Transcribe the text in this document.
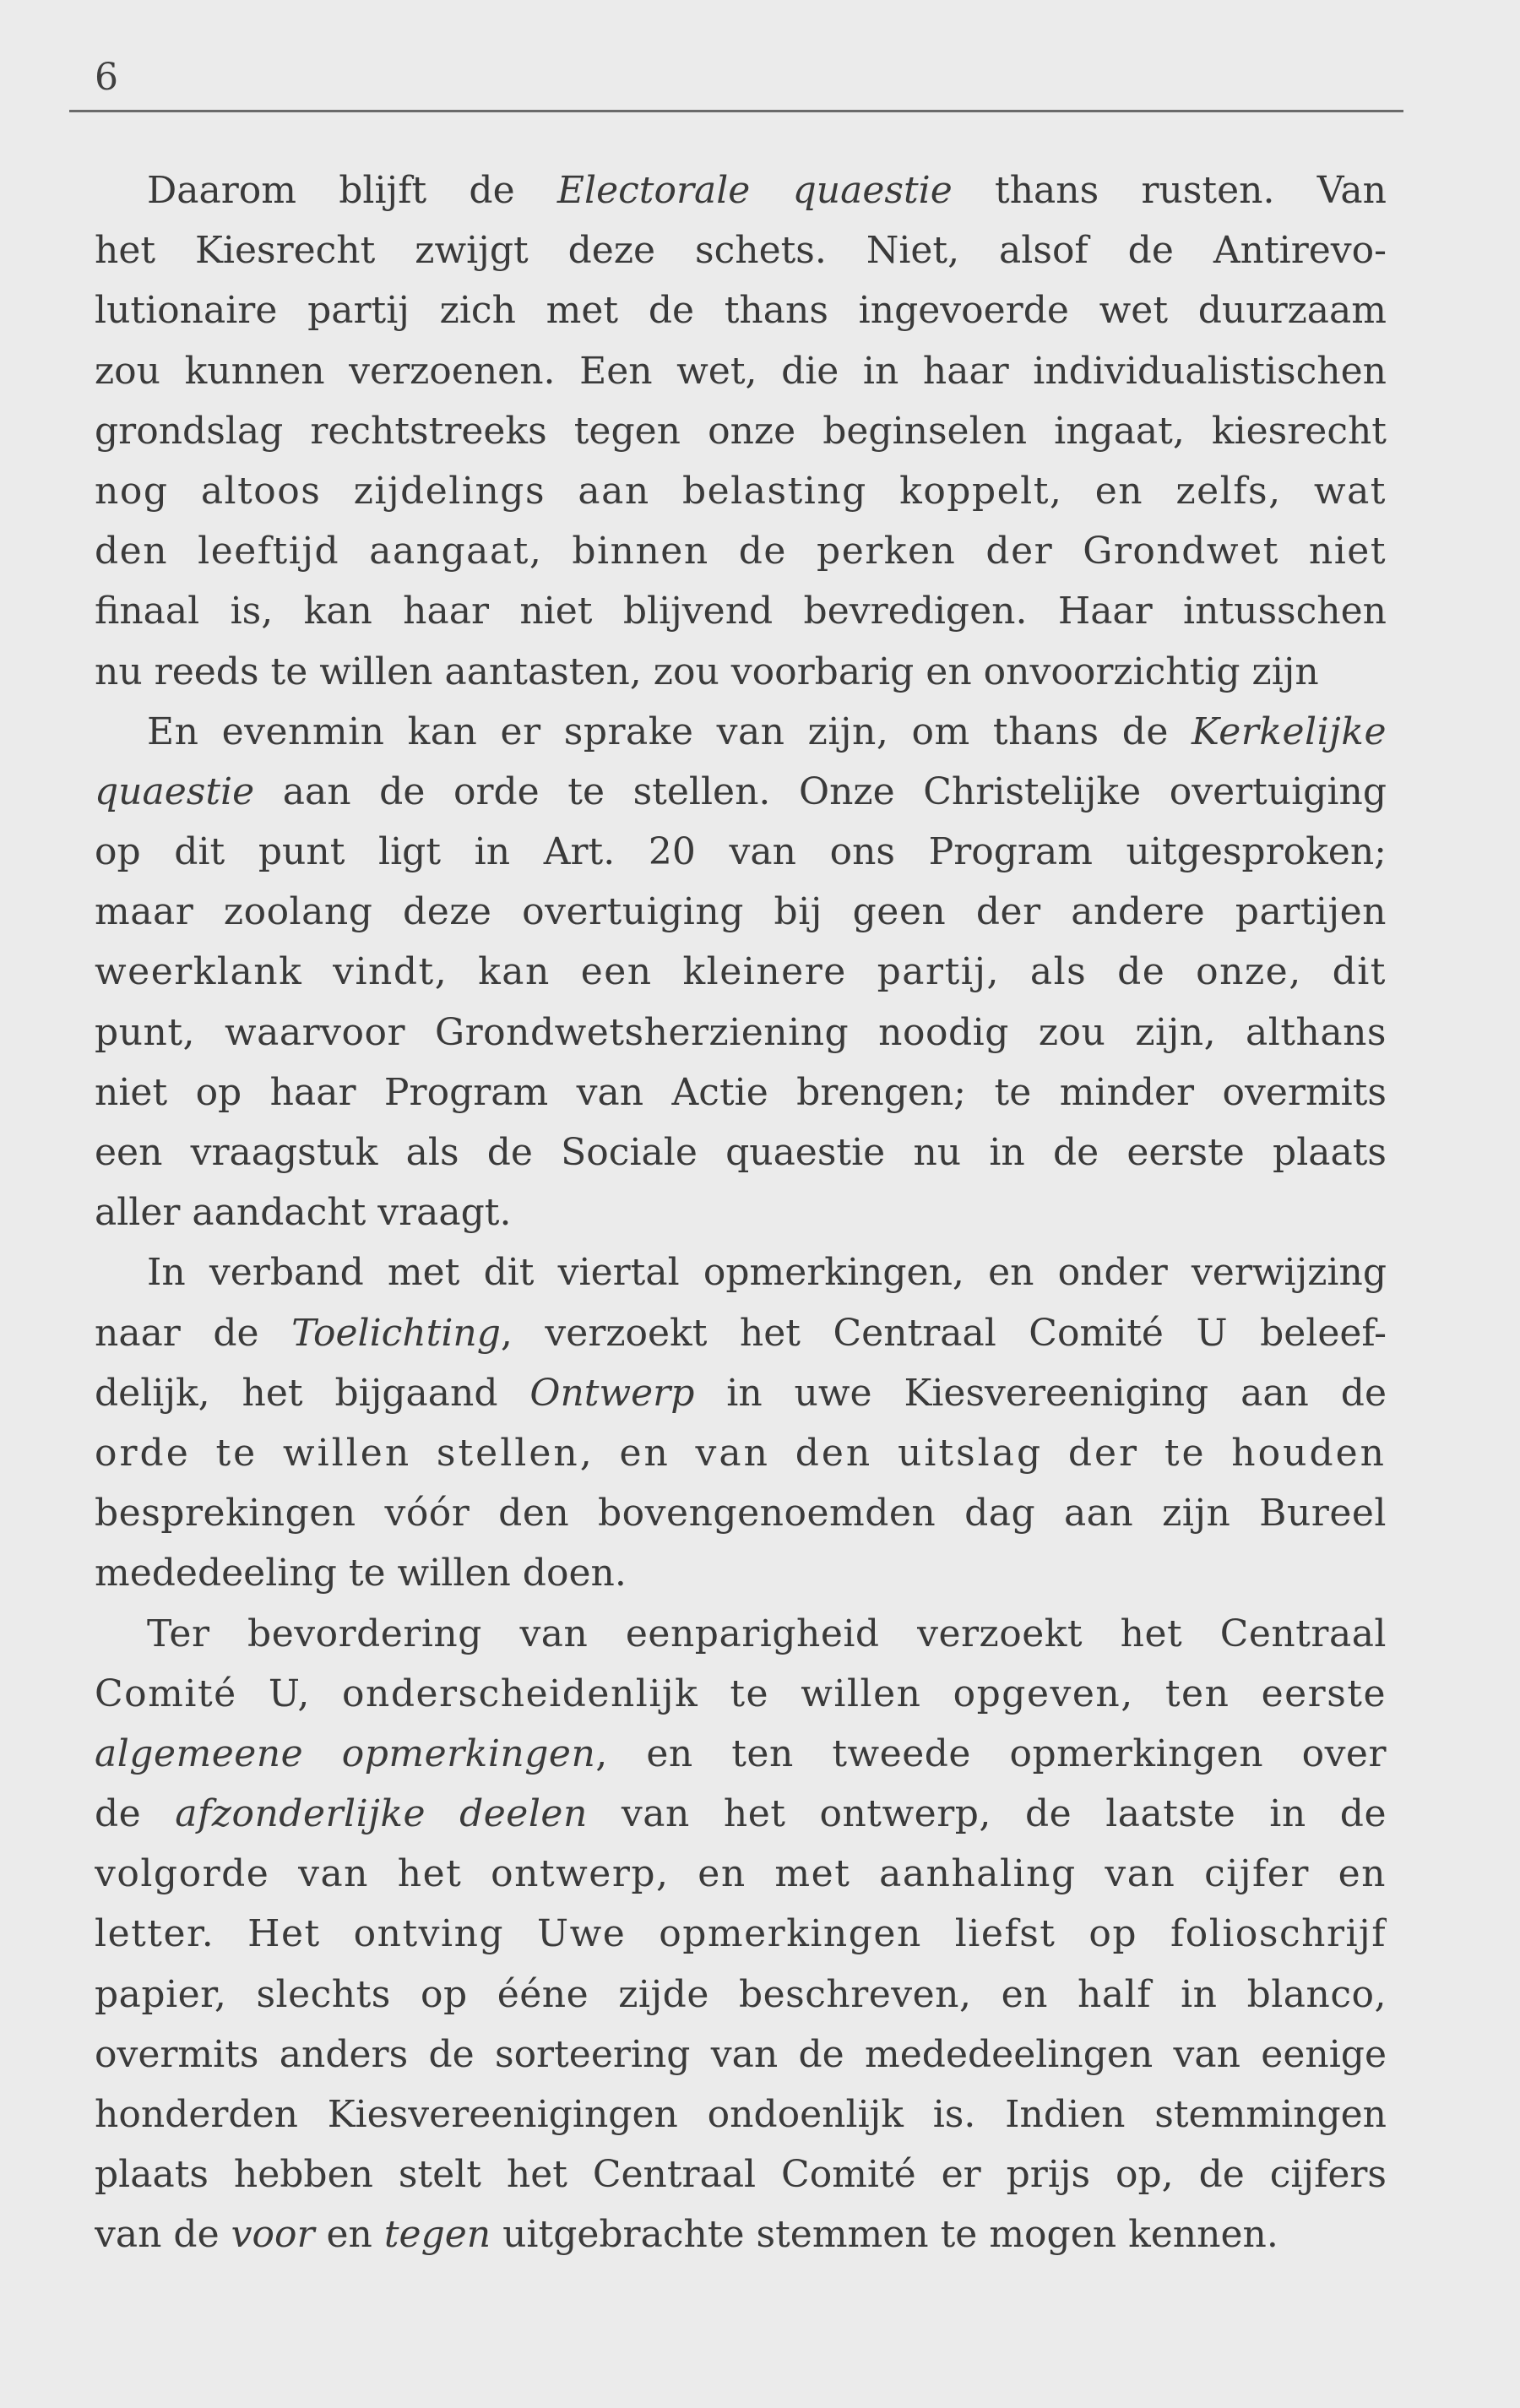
6
Daarom blijft de Electorale quaestie thans rusten. Van
het Kiesrecht zwijgt deze schets. Niet, alsof de Antirevo-
lutionaire partij zich met de thans ingevoerde wet duurzaam
zou kunnen verzoenen. Een wet, die in haar individualistischen
grondslag rechtstreeks tegen onze beginselen ingaat, kiesrecht
nog altoos zijdelings aan belasting koppelt, en zelfs, wat
den leeftijd aangaat, binnen de perken der Grondwet niet
finaal is, kan haar niet blijvend bevredigen. Haar intusschen
nu reeds te willen aantasten, zou voorbarig en onvoorzichtig zijn
En evenmin kan er sprake van zijn, om thans de Kerkelijke
quaestie aan de orde te stellen. Onze Christelijke overtuiging
op dit punt ligt in Art. 20 van ons Program uitgesproken;
maar zoolang deze overtuiging bij geen der andere partijen
weerklank vindt, kan een kleinere partij, als de onze, dit
punt, waarvoor Grondwetsherziening noodig zou zijn, althans
niet op haar Program van Actie brengen; te minder overmits
een vraagstuk als de Sociale quaestie nu in de eerste plaats
aller aandacht vraagt.
In verband met dit viertal opmerkingen, en onder verwijzing
naar de Toelichting, verzoekt het Centraal Comité U beleef-
delijk, het bijgaand Ontwerp in uwe Kiesvereeniging aan de
orde te willen stellen, en van den uitslag der te houden
besprekingen vóór den bovengenoemden dag aan zijn Bureel
mededeeling te willen doen.
Ter bevordering van eenparigheid verzoekt het Centraal
Comité U, onderscheidenlijk te willen opgeven, ten eerste
algemeene opmerkingen, en ten tweede opmerkingen over
de afzonderlijke deelen van het ontwerp, de laatste in de
volgorde van het ontwerp, en met aanhaling van cijfer en
letter. Het ontving Uwe opmerkingen liefst op folioschrijf
papier, slechts op ééne zijde beschreven, en half in blanco,
overmits anders de sorteering van de mededeelingen van eenige
honderden Kiesvereenigingen ondoenlijk is. Indien stemmingen
plaats hebben stelt het Centraal Comité er prijs op, de cijfers
van de voor en tegen uitgebrachte stemmen te mogen kennen.
